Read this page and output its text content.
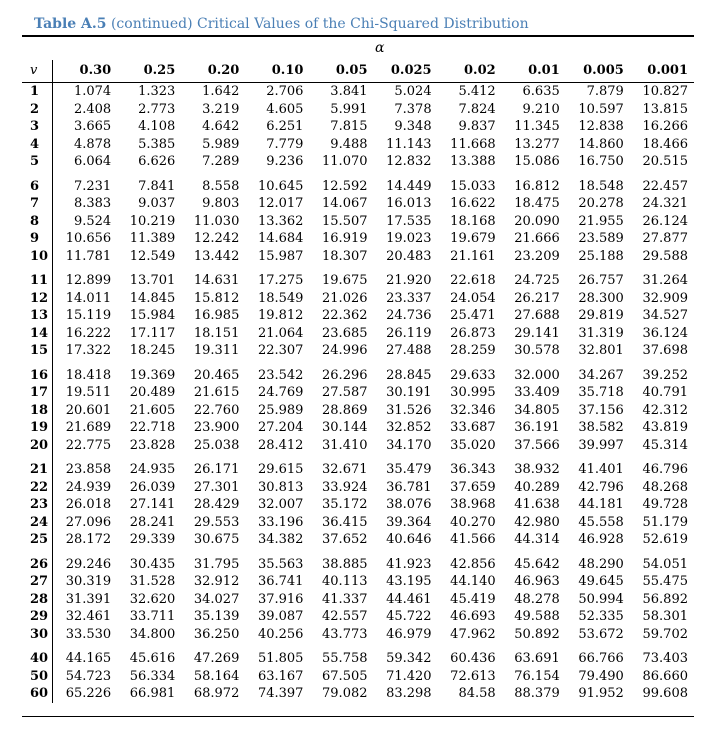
Table A.5 (continued) Critical Values of the Chi-Squared Distribution
α
v	0.30	0.25	0.20	0.10	0.05	0.025	0.02	0.01	0.005	0.001
1	1.074	1.323	1.642	2.706	3.841	5.024	5.412	6.635	7.879	10.827
2	2.408	2.773	3.219	4.605	5.991	7.378	7.824	9.210	10.597	13.815
3	3.665	4.108	4.642	6.251	7.815	9.348	9.837	11.345	12.838	16.266
4	4.878	5.385	5.989	7.779	9.488	11.143	11.668	13.277	14.860	18.466
5	6.064	6.626	7.289	9.236	11.070	12.832	13.388	15.086	16.750	20.515
6	7.231	7.841	8.558	10.645	12.592	14.449	15.033	16.812	18.548	22.457
7	8.383	9.037	9.803	12.017	14.067	16.013	16.622	18.475	20.278	24.321
8	9.524	10.219	11.030	13.362	15.507	17.535	18.168	20.090	21.955	26.124
9	10.656	11.389	12.242	14.684	16.919	19.023	19.679	21.666	23.589	27.877
10	11.781	12.549	13.442	15.987	18.307	20.483	21.161	23.209	25.188	29.588
11	12.899	13.701	14.631	17.275	19.675	21.920	22.618	24.725	26.757	31.264
12	14.011	14.845	15.812	18.549	21.026	23.337	24.054	26.217	28.300	32.909
13	15.119	15.984	16.985	19.812	22.362	24.736	25.471	27.688	29.819	34.527
14	16.222	17.117	18.151	21.064	23.685	26.119	26.873	29.141	31.319	36.124
15	17.322	18.245	19.311	22.307	24.996	27.488	28.259	30.578	32.801	37.698
16	18.418	19.369	20.465	23.542	26.296	28.845	29.633	32.000	34.267	39.252
17	19.511	20.489	21.615	24.769	27.587	30.191	30.995	33.409	35.718	40.791
18	20.601	21.605	22.760	25.989	28.869	31.526	32.346	34.805	37.156	42.312
19	21.689	22.718	23.900	27.204	30.144	32.852	33.687	36.191	38.582	43.819
20	22.775	23.828	25.038	28.412	31.410	34.170	35.020	37.566	39.997	45.314
21	23.858	24.935	26.171	29.615	32.671	35.479	36.343	38.932	41.401	46.796
22	24.939	26.039	27.301	30.813	33.924	36.781	37.659	40.289	42.796	48.268
23	26.018	27.141	28.429	32.007	35.172	38.076	38.968	41.638	44.181	49.728
24	27.096	28.241	29.553	33.196	36.415	39.364	40.270	42.980	45.558	51.179
25	28.172	29.339	30.675	34.382	37.652	40.646	41.566	44.314	46.928	52.619
26	29.246	30.435	31.795	35.563	38.885	41.923	42.856	45.642	48.290	54.051
27	30.319	31.528	32.912	36.741	40.113	43.195	44.140	46.963	49.645	55.475
28	31.391	32.620	34.027	37.916	41.337	44.461	45.419	48.278	50.994	56.892
29	32.461	33.711	35.139	39.087	42.557	45.722	46.693	49.588	52.335	58.301
30	33.530	34.800	36.250	40.256	43.773	46.979	47.962	50.892	53.672	59.702
40	44.165	45.616	47.269	51.805	55.758	59.342	60.436	63.691	66.766	73.403
50	54.723	56.334	58.164	63.167	67.505	71.420	72.613	76.154	79.490	86.660
60	65.226	66.981	68.972	74.397	79.082	83.298	84.58	88.379	91.952	99.608
